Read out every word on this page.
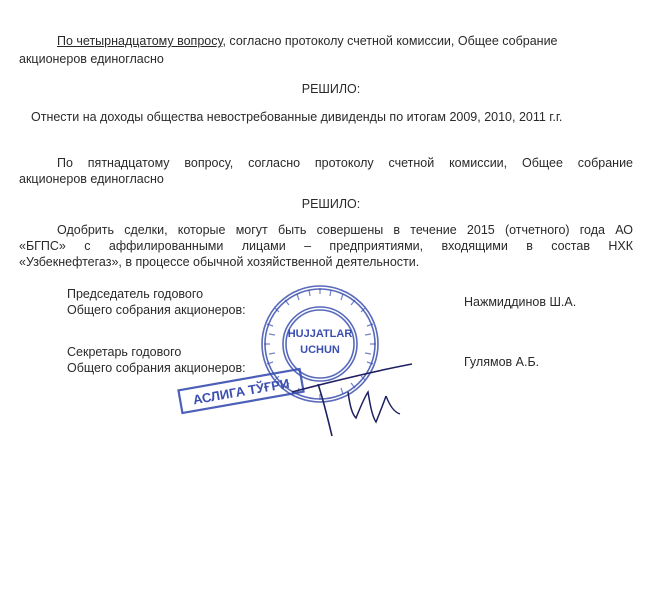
По четырнадцатому вопросу, согласно протоколу счетной комиссии, Общее собрание
акционеров единогласно
РЕШИЛО:
Отнести на доходы общества невостребованные дивиденды по итогам 2009, 2010, 2011 г.г.
По пятнадцатому вопросу, согласно протоколу счетной комиссии, Общее собрание
акционеров единогласно
РЕШИЛО:
Одобрить сделки, которые могут быть совершены в течение 2015 (отчетного) года АО
«БГПС» с аффилированными лицами – предприятиями, входящими в состав НХК
«Узбекнефтегаз», в процессе обычной хозяйственной деятельности.
HUJJATLAR
UCHUN
Председатель годового
Общего собрания акционеров:
Нажмиддинов Ш.А.
Секретарь годового
Общего собрания акционеров:	Гулямов А.Б.
АСЛИГА ТЎҒРИ
